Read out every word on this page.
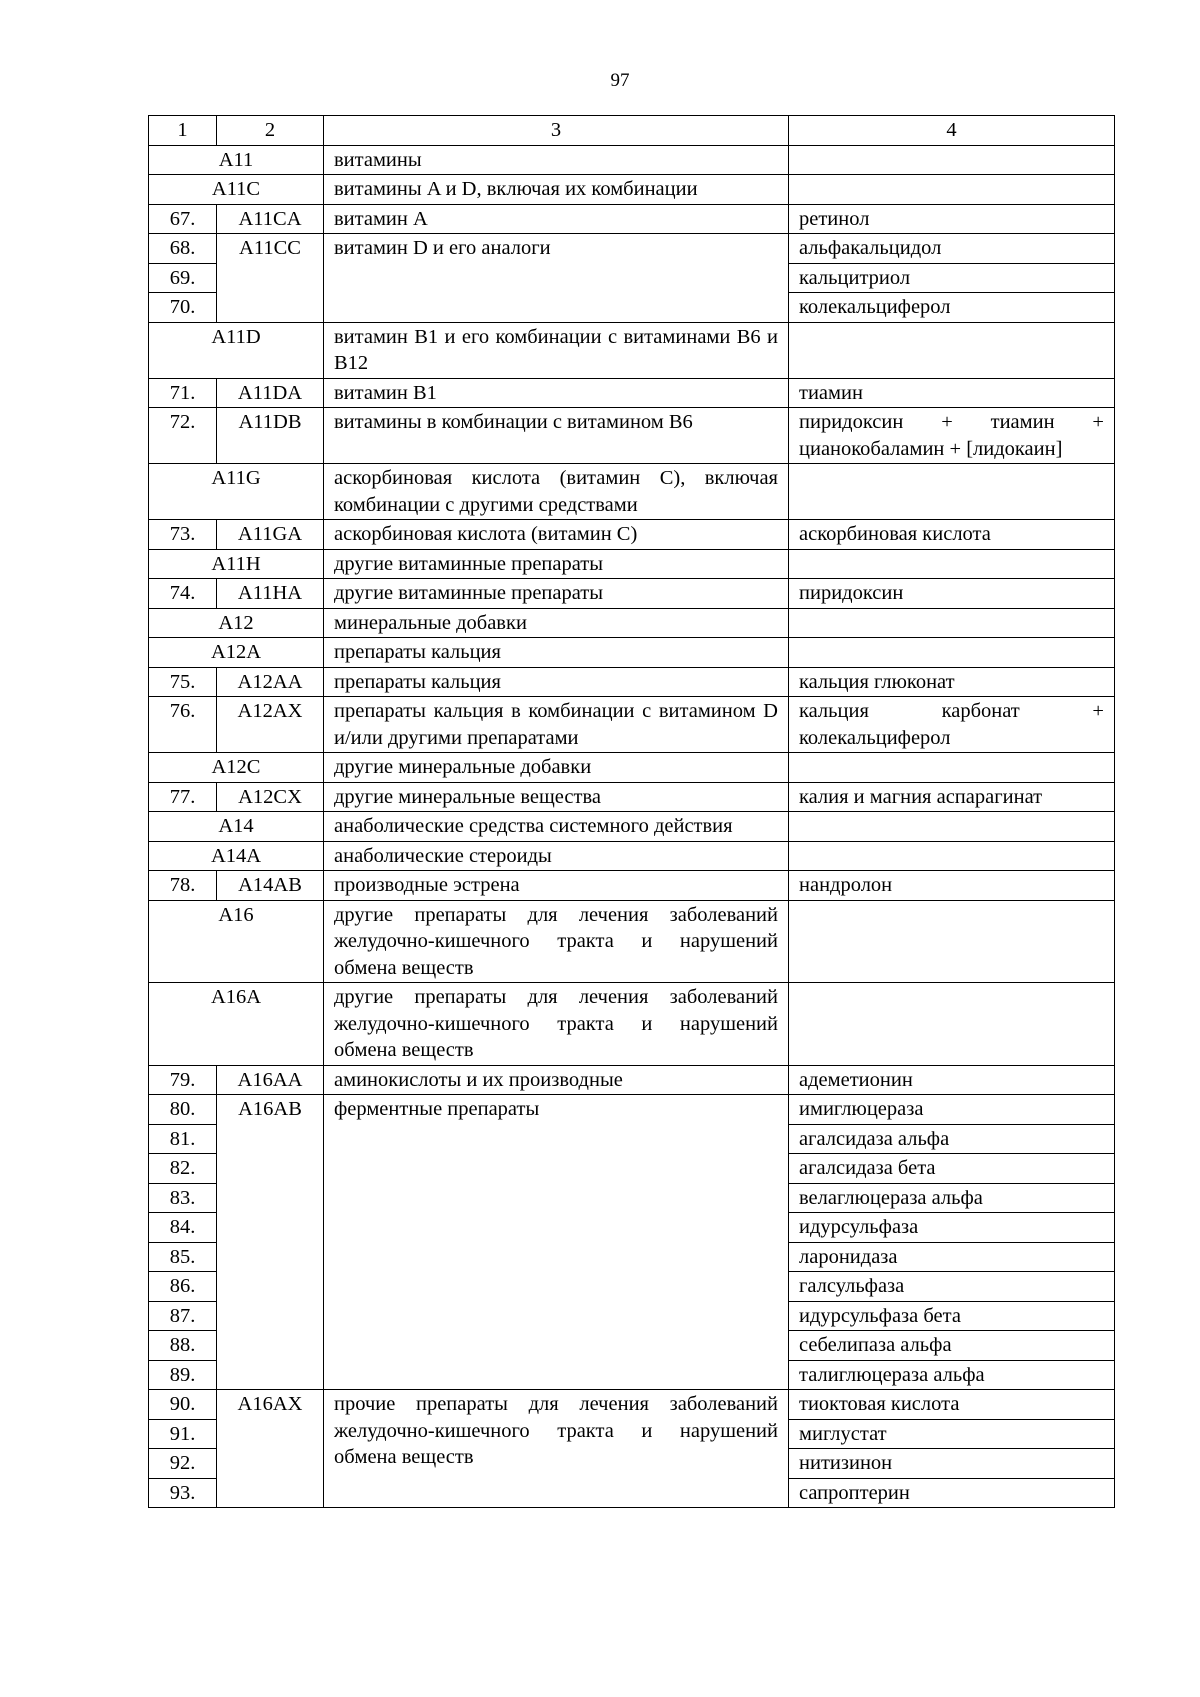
97
1	2	3	4
A11		витамины	
A11C		витамины A и D, включая их комбинации	
67.	A11CA	витамин A	ретинол
68.	A11CC	витамин D и его аналоги	альфакальцидол
69.			кальцитриол
70.			колекальциферол
A11D		витамин B1 и его комбинации с витаминами B6 и B12	
71.	A11DA	витамин B1	тиамин
72.	A11DB	витамины в комбинации с витамином B6	пиридоксин + тиамин + цианокобаламин + [лидокаин]
A11G		аскорбиновая кислота (витамин C), включая комбинации с другими средствами	
73.	A11GA	аскорбиновая кислота (витамин C)	аскорбиновая кислота
A11H		другие витаминные препараты	
74.	A11HA	другие витаминные препараты	пиридоксин
A12		минеральные добавки	
A12A		препараты кальция	
75.	A12AA	препараты кальция	кальция глюконат
76.	A12AX	препараты кальция в комбинации с витамином D и/или другими препаратами	кальция карбонат + колекальциферол
A12C		другие минеральные добавки	
77.	A12CX	другие минеральные вещества	калия и магния аспарагинат
A14		анаболические средства системного действия	
A14A		анаболические стероиды	
78.	A14AB	производные эстрена	нандролон
A16		другие препараты для лечения заболеваний желудочно-кишечного тракта и нарушений обмена веществ	
A16A		другие препараты для лечения заболеваний желудочно-кишечного тракта и нарушений обмена веществ	
79.	A16AA	аминокислоты и их производные	адеметионин
80.	A16AB	ферментные препараты	имиглюцераза
81.			агалсидаза альфа
82.			агалсидаза бета
83.			велаглюцераза альфа
84.			идурсульфаза
85.			ларонидаза
86.			галсульфаза
87.			идурсульфаза бета
88.			себелипаза альфа
89.			талиглюцераза альфа
90.	A16AX	прочие препараты для лечения заболеваний желудочно-кишечного тракта и нарушений обмена веществ	тиоктовая кислота
91.			миглустат
92.			нитизинон
93.			сапроптерин
